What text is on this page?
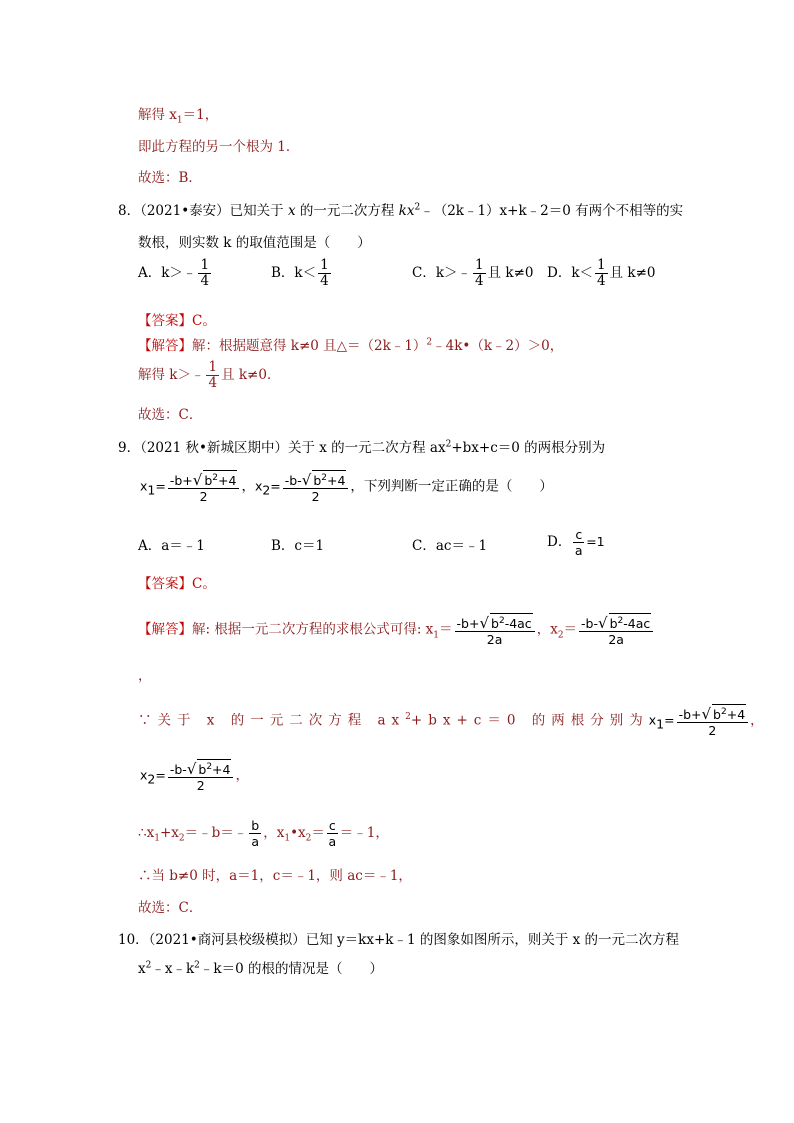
解得 $x_1=1$，
即此方程的另一个根为 1．
故选：B．
8．（2021•泰安）已知关于 x 的一元二次方程 $kx^2﹣(2k﹣1)x+k﹣2=0$ 有两个不相等的实
数根，则实数 k 的取值范围是（　　）
A．k＞﹣ $\frac{1}{4}$	B．$k< \frac{1}{4}$	C．k＞﹣ $\frac{1}{4}$ 且 k≠0 D．$k< \frac{1}{4}$ 且 k≠0
【答案】C。
【解答】解：根据题意得 k≠0 且△＝（2k﹣1）$^2$﹣4k•（k﹣2）＞0，
解得 k＞﹣ $\frac{1}{4}$ 且 k≠0．
故选：C．
9．（2021 秋•新城区期中）关于 x 的一元二次方程 $ax^2+bx+c=0$ 的两根分别为
$x_1= \frac{-b+√ b^2+4}{2}$ ，$x_2= \frac{-b-√ b^2+4}{2}$ ，下列判断一定正确的是（　　）
A．a＝﹣1	B．c＝1	C．ac＝﹣1	D． $\frac{c}{a} =1$
【答案】C。
【解答】解: 根据一元二次方程的求根公式可得: $x_1= \frac{-b+√ b^2-4ac}{2a}$ ，$x_2= \frac{-b-√ b^2-4ac}{2a}$
，
∵关于 x 的一元二次方程 $ax^2+bx+c=0$ 的两根分别为$x_1= \frac{-b+√ b^2+4}{2}$ ，
$x_2= \frac{-b-√ b^2+4}{2}$ ，
$\therefore x_1+x_2=﹣b=﹣ \frac{b}{a}$ ，$x_1•x_2= \frac{c}{a}$ ＝﹣1，
∴当 b≠0 时，a＝1，c＝﹣1，则 ac＝﹣1，
故选：C．
10．（2021•商河县校级模拟）已知 y＝kx+k﹣1 的图象如图所示，则关于 x 的一元二次方程
$x^2﹣x﹣k^2﹣k=0$ 的根的情况是（　　）
